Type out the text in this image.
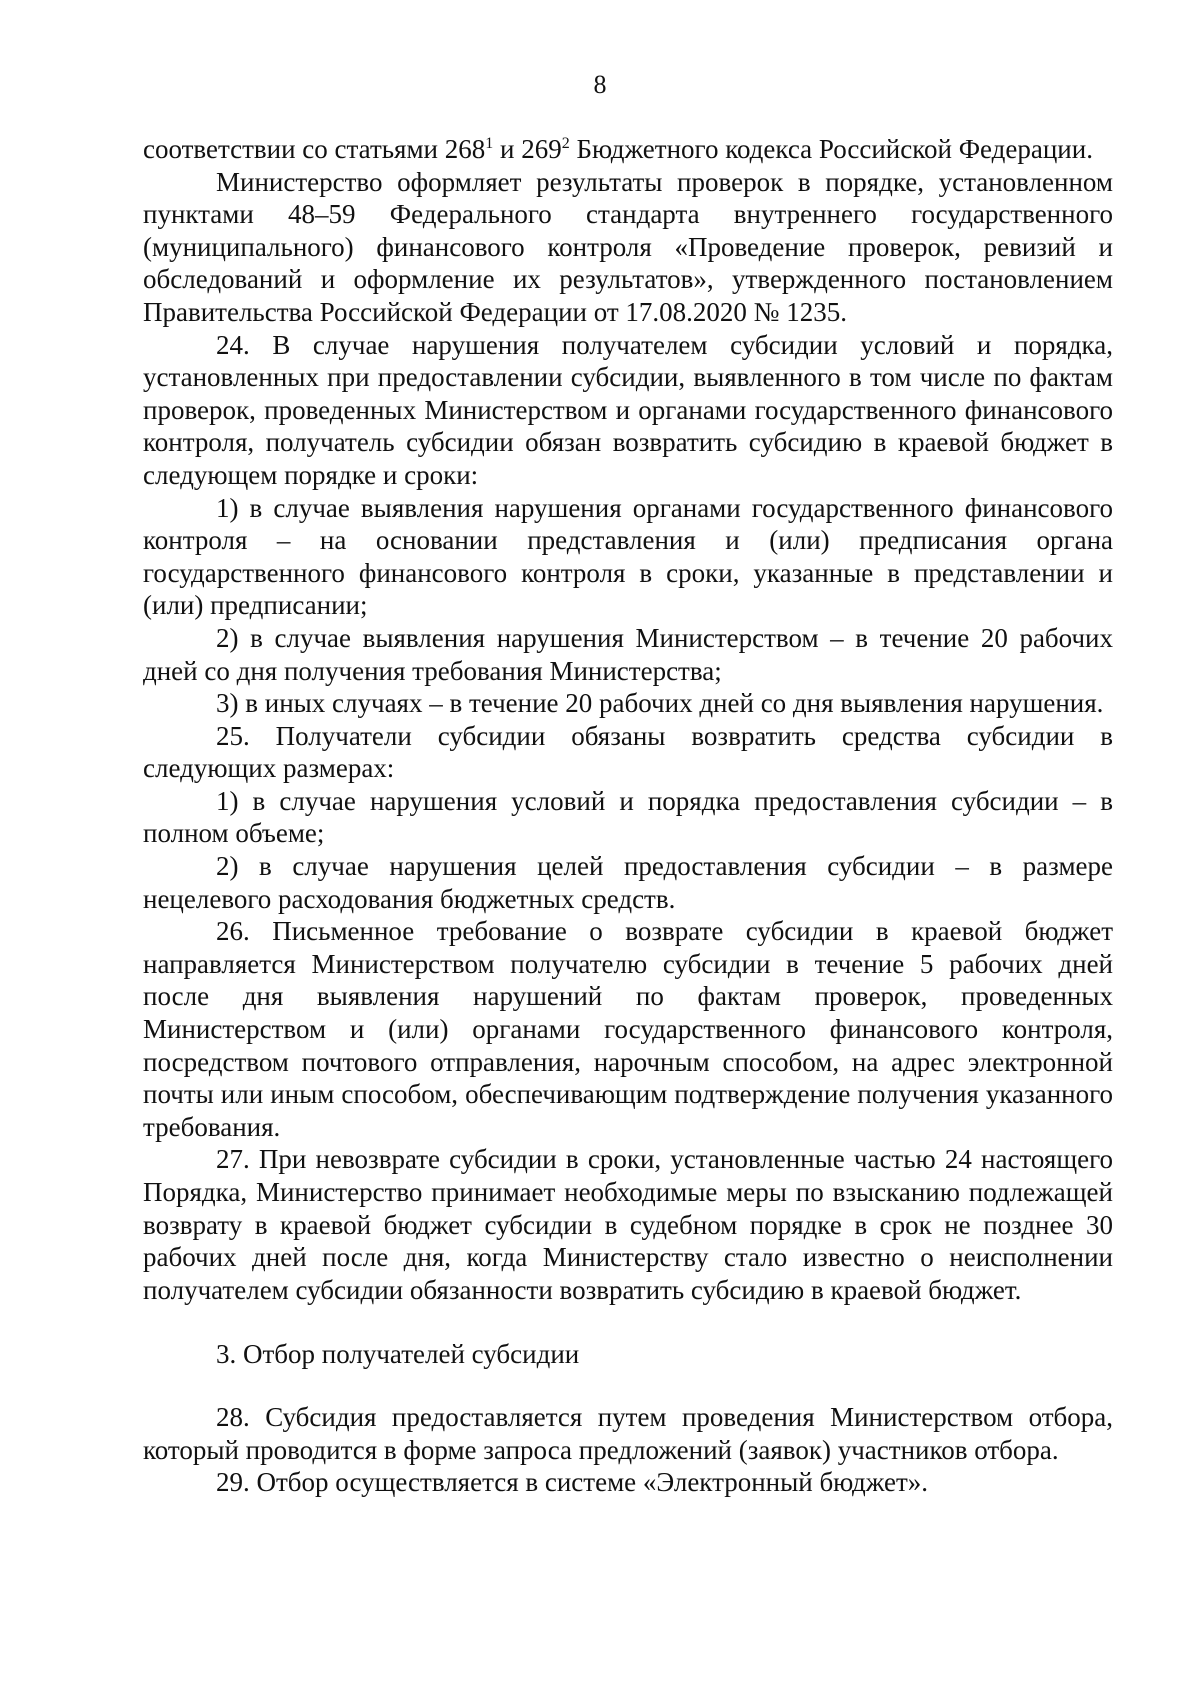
8

соответствии со статьями $268^1$ и $269^2$ Бюджетного кодекса Российской Федерации.

Министерство оформляет результаты проверок в порядке, установленном пунктами 48–59 Федерального стандарта внутреннего государственного (муниципального) финансового контроля «Проведение проверок, ревизий и обследований и оформление их результатов», утвержденного постановлением Правительства Российской Федерации от 17.08.2020 № 1235.

24. В случае нарушения получателем субсидии условий и порядка, установленных при предоставлении субсидии, выявленного в том числе по фактам проверок, проведенных Министерством и органами государственного финансового контроля, получатель субсидии обязан возвратить субсидию в краевой бюджет в следующем порядке и сроки:

1) в случае выявления нарушения органами государственного финансового контроля – на основании представления и (или) предписания органа государственного финансового контроля в сроки, указанные в представлении и (или) предписании;

2) в случае выявления нарушения Министерством – в течение 20 рабочих дней со дня получения требования Министерства;

3) в иных случаях – в течение 20 рабочих дней со дня выявления нарушения.

25. Получатели субсидии обязаны возвратить средства субсидии в следующих размерах:

1) в случае нарушения условий и порядка предоставления субсидии – в полном объеме;

2) в случае нарушения целей предоставления субсидии – в размере нецелевого расходования бюджетных средств.

26. Письменное требование о возврате субсидии в краевой бюджет направляется Министерством получателю субсидии в течение 5 рабочих дней после дня выявления нарушений по фактам проверок, проведенных Министерством и (или) органами государственного финансового контроля, посредством почтового отправления, нарочным способом, на адрес электронной почты или иным способом, обеспечивающим подтверждение получения указанного требования.

27. При невозврате субсидии в сроки, установленные частью 24 настоящего Порядка, Министерство принимает необходимые меры по взысканию подлежащей возврату в краевой бюджет субсидии в судебном порядке в срок не позднее 30 рабочих дней после дня, когда Министерству стало известно о неисполнении получателем субсидии обязанности возвратить субсидию в краевой бюджет.

3. Отбор получателей субсидии

28. Субсидия предоставляется путем проведения Министерством отбора, который проводится в форме запроса предложений (заявок) участников отбора.

29. Отбор осуществляется в системе «Электронный бюджет».
